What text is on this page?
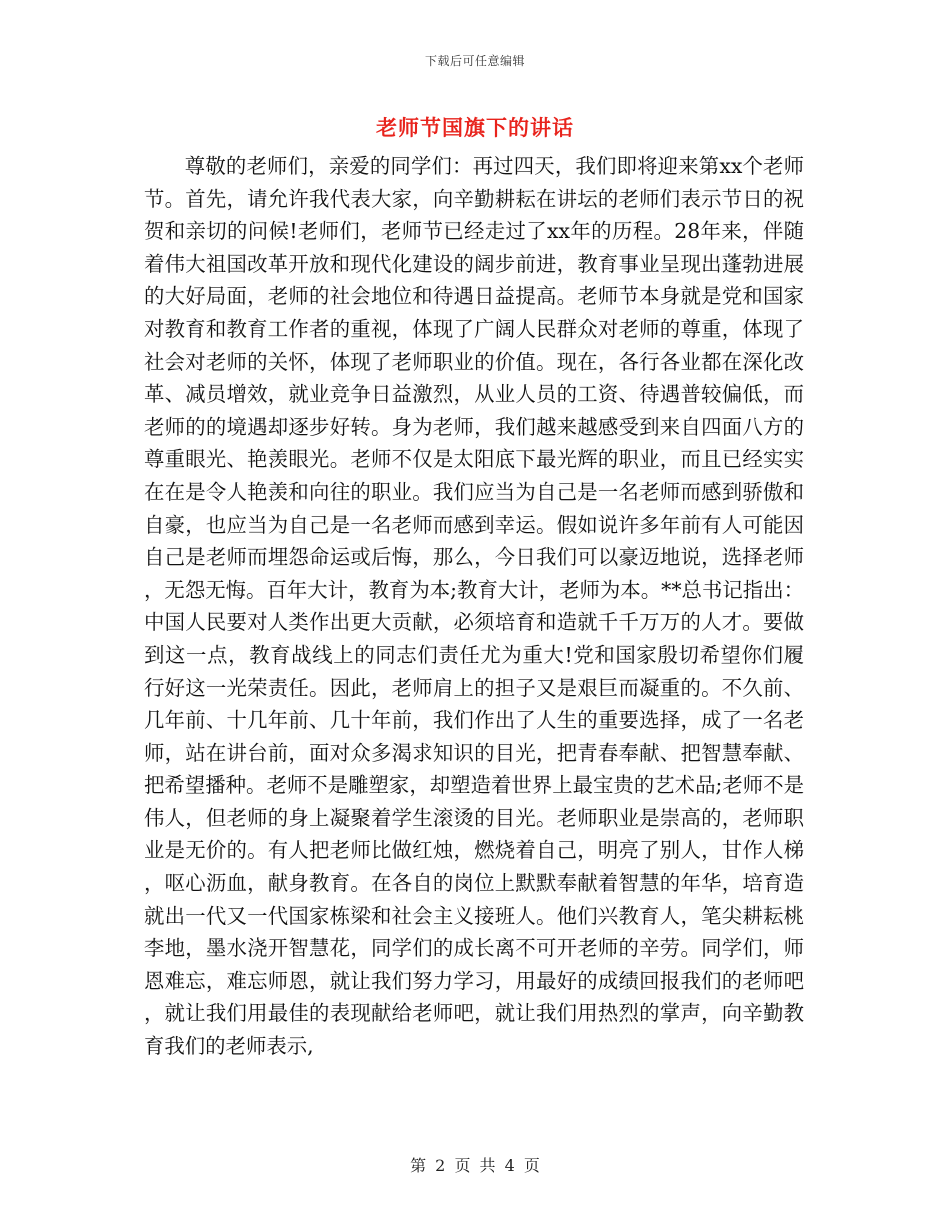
下载后可任意编辑
老师节国旗下的讲话

尊敬的老师们，亲爱的同学们：再过四天，我们即将迎来第xx个老师节。首先，请允许我代表大家，向辛勤耕耘在讲坛的老师们表示节日的祝贺和亲切的问候!老师们，老师节已经走过了xx年的历程。28年来，伴随着伟大祖国改革开放和现代化建设的阔步前进，教育事业呈现出蓬勃进展的大好局面，老师的社会地位和待遇日益提高。老师节本身就是党和国家对教育和教育工作者的重视，体现了广阔人民群众对老师的尊重，体现了社会对老师的关怀，体现了老师职业的价值。现在，各行各业都在深化改革、减员增效，就业竞争日益激烈，从业人员的工资、待遇普较偏低，而老师的的境遇却逐步好转。身为老师，我们越来越感受到来自四面八方的尊重眼光、艳羡眼光。老师不仅是太阳底下最光辉的职业，而且已经实实在在是令人艳羡和向往的职业。我们应当为自己是一名老师而感到骄傲和自豪，也应当为自己是一名老师而感到幸运。假如说许多年前有人可能因自己是老师而埋怨命运或后悔，那么，今日我们可以豪迈地说，选择老师，无怨无悔。百年大计，教育为本;教育大计，老师为本。**总书记指出：中国人民要对人类作出更大贡献，必须培育和造就千千万万的人才。要做到这一点，教育战线上的同志们责任尤为重大!党和国家殷切希望你们履行好这一光荣责任。因此，老师肩上的担子又是艰巨而凝重的。不久前、几年前、十几年前、几十年前，我们作出了人生的重要选择，成了一名老师，站在讲台前，面对众多渴求知识的目光，把青春奉献、把智慧奉献、把希望播种。老师不是雕塑家，却塑造着世界上最宝贵的艺术品;老师不是伟人，但老师的身上凝聚着学生滚烫的目光。老师职业是崇高的，老师职业是无价的。有人把老师比做红烛，燃烧着自己，明亮了别人，甘作人梯，呕心沥血，献身教育。在各自的岗位上默默奉献着智慧的年华，培育造就出一代又一代国家栋梁和社会主义接班人。他们兴教育人，笔尖耕耘桃李地，墨水浇开智慧花，同学们的成长离不可开老师的辛劳。同学们，师恩难忘，难忘师恩，就让我们努力学习，用最好的成绩回报我们的老师吧，就让我们用最佳的表现献给老师吧，就让我们用热烈的掌声，向辛勤教育我们的老师表示,

第 2 页 共 4 页
